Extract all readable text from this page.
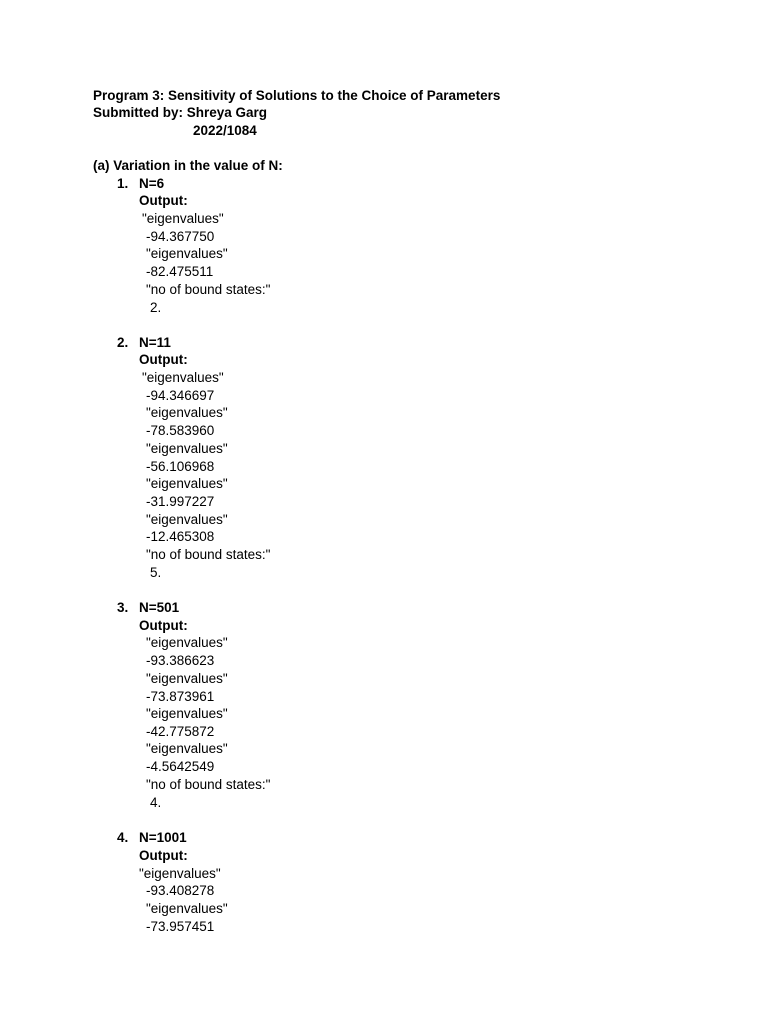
Program 3: Sensitivity of Solutions to the Choice of Parameters
Submitted by: Shreya Garg
2022/1084
(a) Variation in the value of N:
1. N=6
Output:
"eigenvalues"
-94.367750
"eigenvalues"
-82.475511
"no of bound states:"
2.
2. N=11
Output:
"eigenvalues"
-94.346697
"eigenvalues"
-78.583960
"eigenvalues"
-56.106968
"eigenvalues"
-31.997227
"eigenvalues"
-12.465308
"no of bound states:"
5.
3. N=501
Output:
"eigenvalues"
-93.386623
"eigenvalues"
-73.873961
"eigenvalues"
-42.775872
"eigenvalues"
-4.5642549
"no of bound states:"
4.
4. N=1001
Output:
"eigenvalues"
-93.408278
"eigenvalues"
-73.957451
